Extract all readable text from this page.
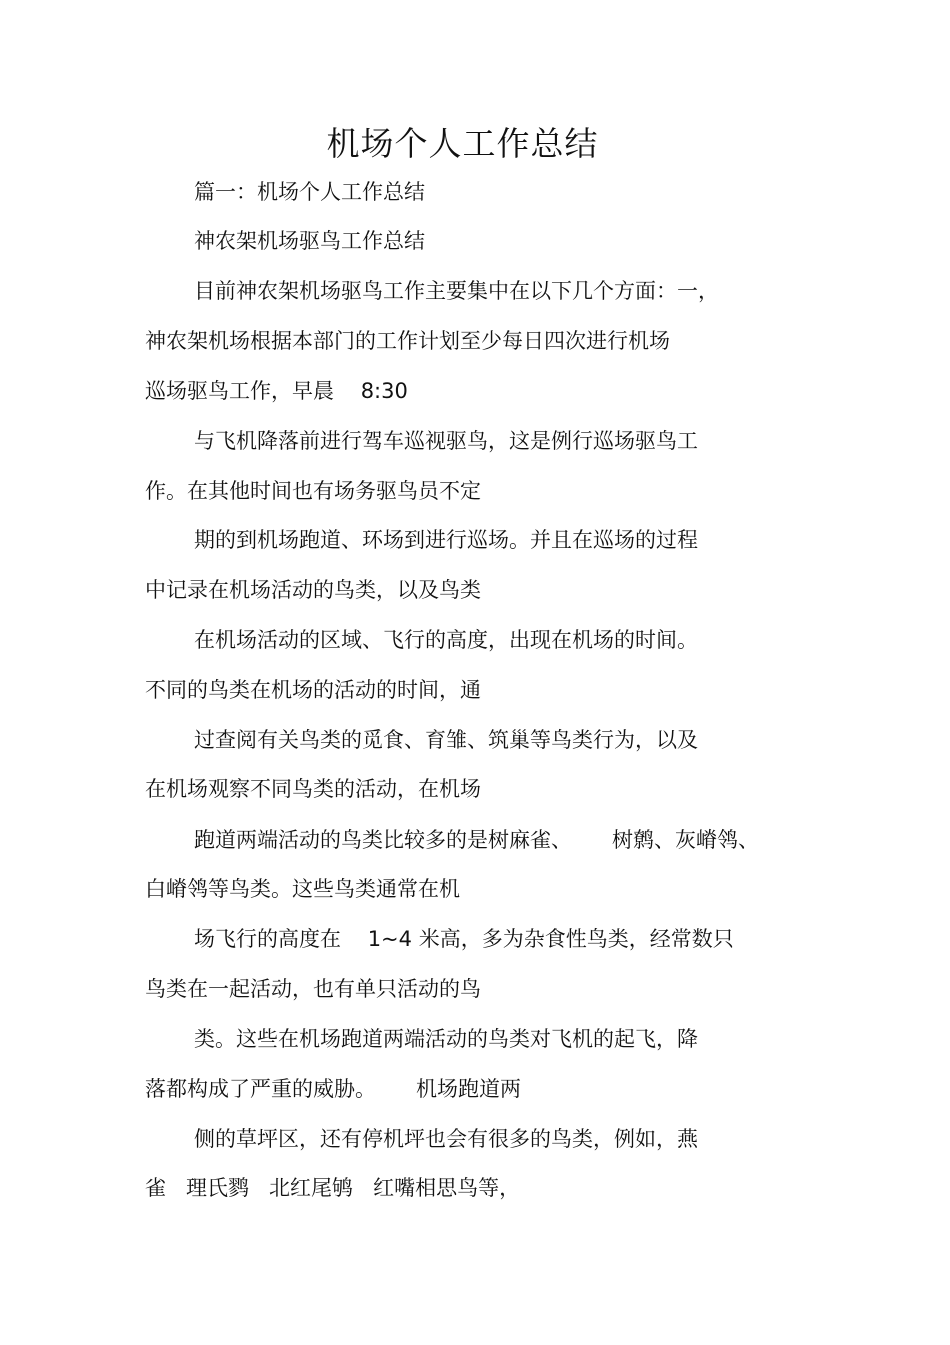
机场个人工作总结

篇一：机场个人工作总结

神农架机场驱鸟工作总结

目前神农架机场驱鸟工作主要集中在以下几个方面：一，

神农架机场根据本部门的工作计划至少每日四次进行机场

巡场驱鸟工作，早晨    8:30

与飞机降落前进行驾车巡视驱鸟，这是例行巡场驱鸟工

作。在其他时间也有场务驱鸟员不定

期的到机场跑道、环场到进行巡场。并且在巡场的过程

中记录在机场活动的鸟类，以及鸟类

在机场活动的区域、飞行的高度，出现在机场的时间。

不同的鸟类在机场的活动的时间，通

过查阅有关鸟类的觅食、育雏、筑巢等鸟类行为，以及

在机场观察不同鸟类的活动，在机场

跑道两端活动的鸟类比较多的是树麻雀、      树鹩、灰嵴鸰、

白嵴鸰等鸟类。这些鸟类通常在机

场飞行的高度在    1~4 米高，多为杂食性鸟类，经常数只

鸟类在一起活动，也有单只活动的鸟

类。这些在机场跑道两端活动的鸟类对飞机的起飞，降

落都构成了严重的威胁。      机场跑道两

侧的草坪区，还有停机坪也会有很多的鸟类，例如，燕

雀   理氏鹨   北红尾鸲   红嘴相思鸟等，
